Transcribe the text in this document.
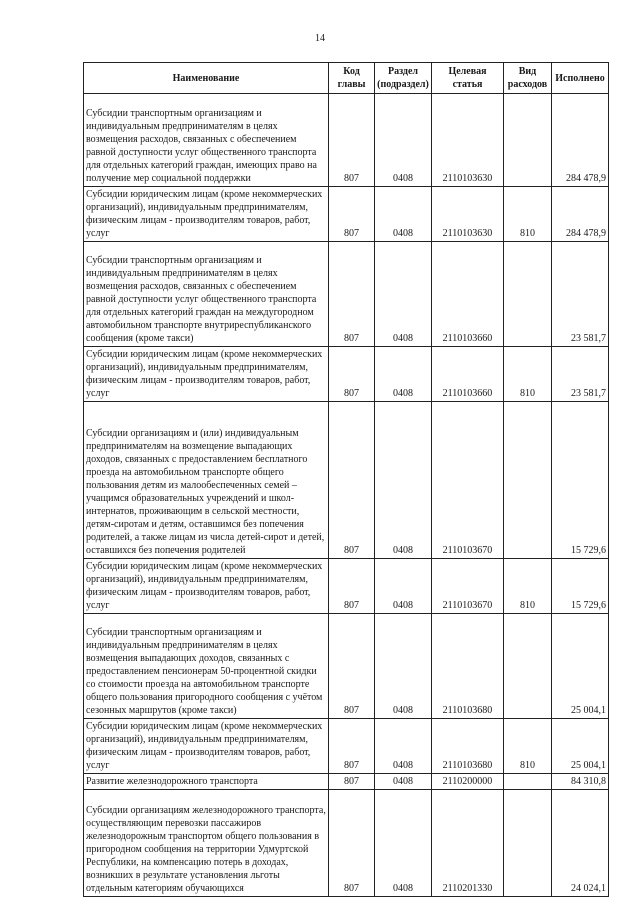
14
Наименование	Код главы	Раздел (подраздел)	Целевая статья	Вид расходов	Исполнено
Субсидии транспортным организациям и индивидуальным предпринимателям в целях возмещения расходов, связанных с обеспечением равной доступности услуг общественного транспорта для отдельных категорий граждан, имеющих право на получение мер социальной поддержки	807	0408	2110103630		284 478,9
Субсидии юридическим лицам (кроме некоммерческих организаций), индивидуальным предпринимателям, физическим лицам - производителям товаров, работ, услуг	807	0408	2110103630	810	284 478,9
Субсидии транспортным организациям и индивидуальным предпринимателям в целях возмещения расходов, связанных с обеспечением равной доступности услуг общественного транспорта для отдельных категорий граждан на междугородном автомобильном транспорте внутриреспубликанского сообщения (кроме такси)	807	0408	2110103660		23 581,7
Субсидии юридическим лицам (кроме некоммерческих организаций), индивидуальным предпринимателям, физическим лицам - производителям товаров, работ, услуг	807	0408	2110103660	810	23 581,7
Субсидии организациям и (или) индивидуальным предпринимателям на возмещение выпадающих доходов, связанных с предоставлением бесплатного проезда на автомобильном транспорте общего пользования детям из малообеспеченных семей – учащимся образовательных учреждений и школ-интернатов, проживающим в сельской местности, детям-сиротам и детям, оставшимся без попечения родителей, а также лицам из числа детей-сирот и детей, оставшихся без попечения родителей	807	0408	2110103670		15 729,6
Субсидии юридическим лицам (кроме некоммерческих организаций), индивидуальным предпринимателям, физическим лицам - производителям товаров, работ, услуг	807	0408	2110103670	810	15 729,6
Субсидии транспортным организациям и индивидуальным предпринимателям в целях возмещения выпадающих доходов, связанных с предоставлением пенсионерам 50-процентной скидки со стоимости проезда на автомобильном транспорте общего пользования пригородного сообщения с учётом сезонных маршрутов (кроме такси)	807	0408	2110103680		25 004,1
Субсидии юридическим лицам (кроме некоммерческих организаций), индивидуальным предпринимателям, физическим лицам - производителям товаров, работ, услуг	807	0408	2110103680	810	25 004,1
Развитие железнодорожного транспорта	807	0408	2110200000		84 310,8
Субсидии организациям железнодорожного транспорта, осуществляющим перевозки пассажиров железнодорожным транспортом общего пользования в пригородном сообщения на территории Удмуртской Республики, на компенсацию потерь в доходах, возникших в результате установления льготы отдельным категориям обучающихся	807	0408	2110201330		24 024,1
